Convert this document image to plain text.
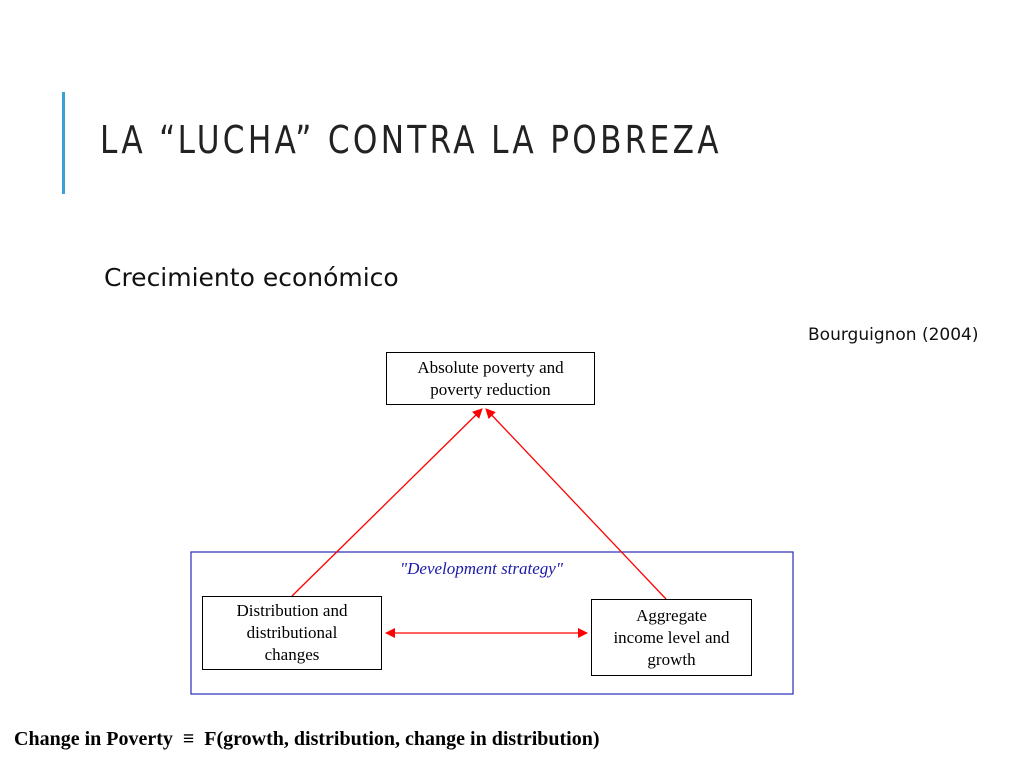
LA “LUCHA” CONTRA LA POBREZA
Crecimiento económico
Bourguignon (2004)
"Development strategy"
Absolute poverty and
poverty reduction
Distribution and
distributional
changes
Aggregate
income level and
growth
Change in Poverty  ≡  F(growth, distribution, change in distribution)
